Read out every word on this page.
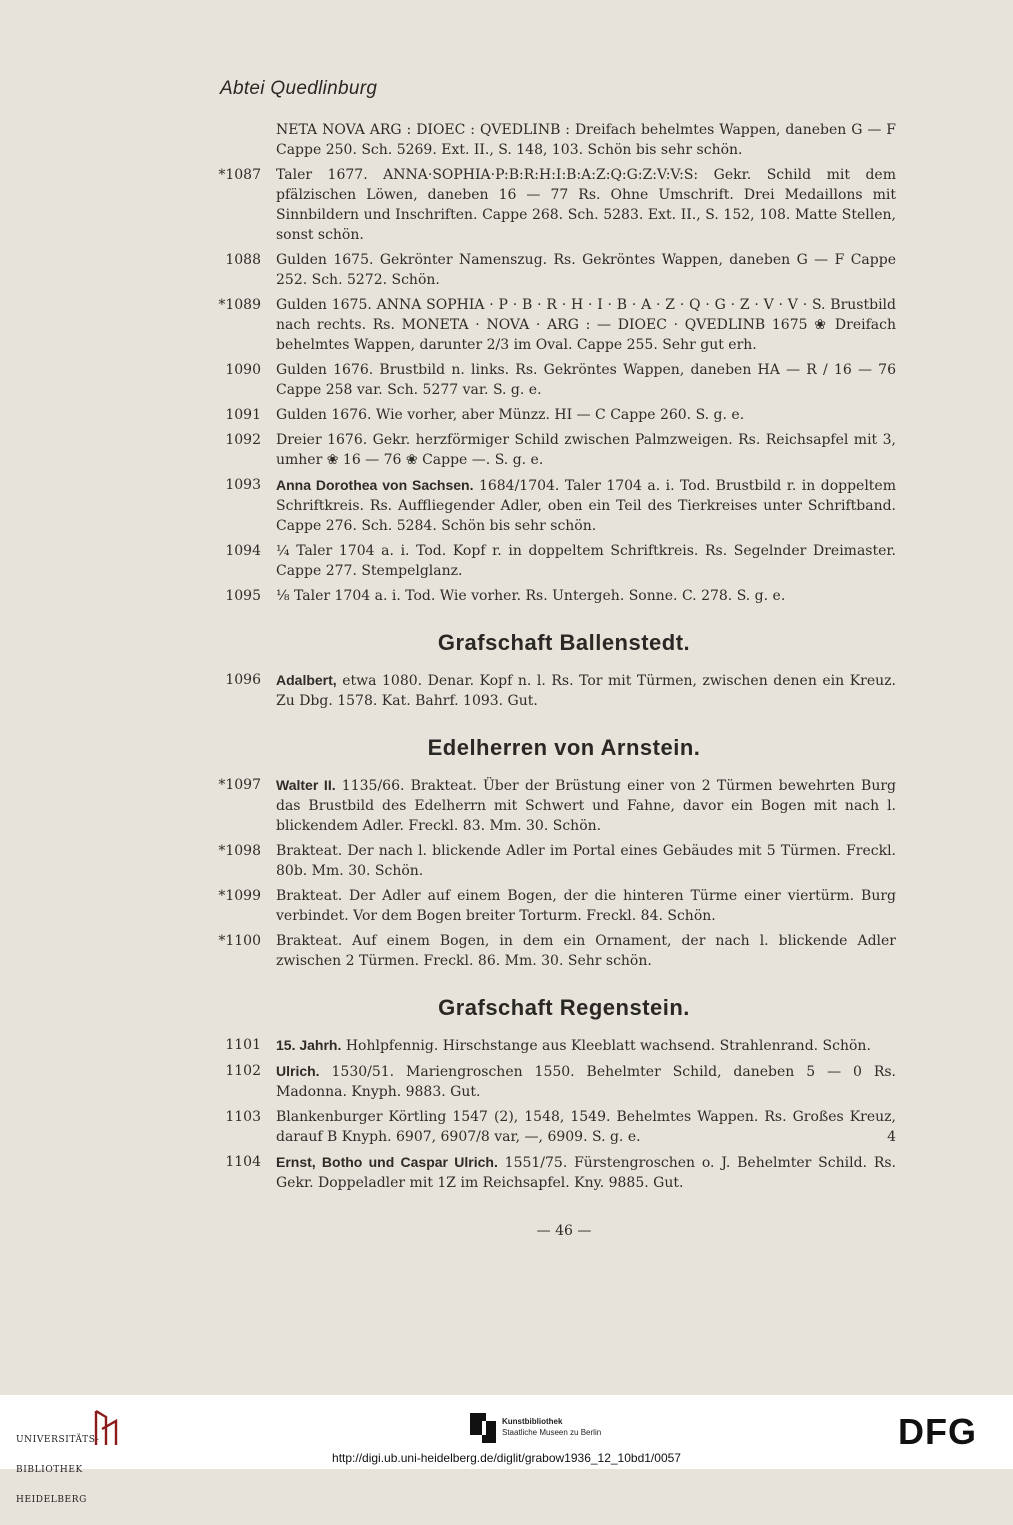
Abtei Quedlinburg
NETA NOVA ARG : DIOEC : QVEDLINB : Dreifach behelmtes Wappen, daneben G — F Cappe 250. Sch. 5269. Ext. II., S. 148, 103. Schön bis sehr schön.
*1087 Taler 1677. ANNA·SOPHIA·P:B:R:H:I:B:A:Z:Q:G:Z:V:V:S: Gekr. Schild mit dem pfälzischen Löwen, daneben 16 — 77 Rs. Ohne Umschrift. Drei Medaillons mit Sinnbildern und Inschriften. Cappe 268. Sch. 5283. Ext. II., S. 152, 108. Matte Stellen, sonst schön.
1088 Gulden 1675. Gekrönter Namenszug. Rs. Gekröntes Wappen, daneben G — F Cappe 252. Sch. 5272. Schön.
*1089 Gulden 1675. ANNA SOPHIA · P · B · R · H · I · B · A · Z · Q · G · Z · V · V · S. Brustbild nach rechts. Rs. MONETA · NOVA · ARG : — DIOEC · QVEDLINB 1675 ❀ Dreifach behelmtes Wappen, darunter 2/3 im Oval. Cappe 255. Sehr gut erh.
1090 Gulden 1676. Brustbild n. links. Rs. Gekröntes Wappen, daneben HA — R / 16 — 76 Cappe 258 var. Sch. 5277 var. S. g. e.
1091 Gulden 1676. Wie vorher, aber Münzz. HI — C Cappe 260. S. g. e.
1092 Dreier 1676. Gekr. herzförmiger Schild zwischen Palmzweigen. Rs. Reichsapfel mit 3, umher ❀ 16 — 76 ❀ Cappe —. S. g. e.
1093 Anna Dorothea von Sachsen. 1684/1704. Taler 1704 a. i. Tod. Brustbild r. in doppeltem Schriftkreis. Rs. Auffliegender Adler, oben ein Teil des Tierkreises unter Schriftband. Cappe 276. Sch. 5284. Schön bis sehr schön.
1094 ¼ Taler 1704 a. i. Tod. Kopf r. in doppeltem Schriftkreis. Rs. Segelnder Dreimaster. Cappe 277. Stempelglanz.
1095 ⅛ Taler 1704 a. i. Tod. Wie vorher. Rs. Untergeh. Sonne. C. 278. S. g. e.
Grafschaft Ballenstedt.
1096 Adalbert, etwa 1080. Denar. Kopf n. l. Rs. Tor mit Türmen, zwischen denen ein Kreuz. Zu Dbg. 1578. Kat. Bahrf. 1093. Gut.
Edelherren von Arnstein.
*1097 Walter II. 1135/66. Brakteat. Über der Brüstung einer von 2 Türmen bewehrten Burg das Brustbild des Edelherrn mit Schwert und Fahne, davor ein Bogen mit nach l. blickendem Adler. Freckl. 83. Mm. 30. Schön.
*1098 Brakteat. Der nach l. blickende Adler im Portal eines Gebäudes mit 5 Türmen. Freckl. 80b. Mm. 30. Schön.
*1099 Brakteat. Der Adler auf einem Bogen, der die hinteren Türme einer viertürm. Burg verbindet. Vor dem Bogen breiter Torturm. Freckl. 84. Schön.
*1100 Brakteat. Auf einem Bogen, in dem ein Ornament, der nach l. blickende Adler zwischen 2 Türmen. Freckl. 86. Mm. 30. Sehr schön.
Grafschaft Regenstein.
1101 15. Jahrh. Hohlpfennig. Hirschstange aus Kleeblatt wachsend. Strahlenrand. Schön.
1102 Ulrich. 1530/51. Mariengroschen 1550. Behelmter Schild, daneben 5 — 0 Rs. Madonna. Knyph. 9883. Gut.
1103 Blankenburger Körtling 1547 (2), 1548, 1549. Behelmtes Wappen. Rs. Großes Kreuz, darauf B Knyph. 6907, 6907/8 var, —, 6909. S. g. e.	4
1104 Ernst, Botho und Caspar Ulrich. 1551/75. Fürstengroschen o. J. Behelmter Schild. Rs. Gekr. Doppeladler mit 1Z im Reichsapfel. Kny. 9885. Gut.
— 46 —

UNIVERSITÄTS-

BIBLIOTHEK

HEIDELBERG

Kunstbibliothek
Staatliche Museen zu Berlin	DFG
http://digi.ub.uni-heidelberg.de/diglit/grabow1936_12_10bd1/0057
